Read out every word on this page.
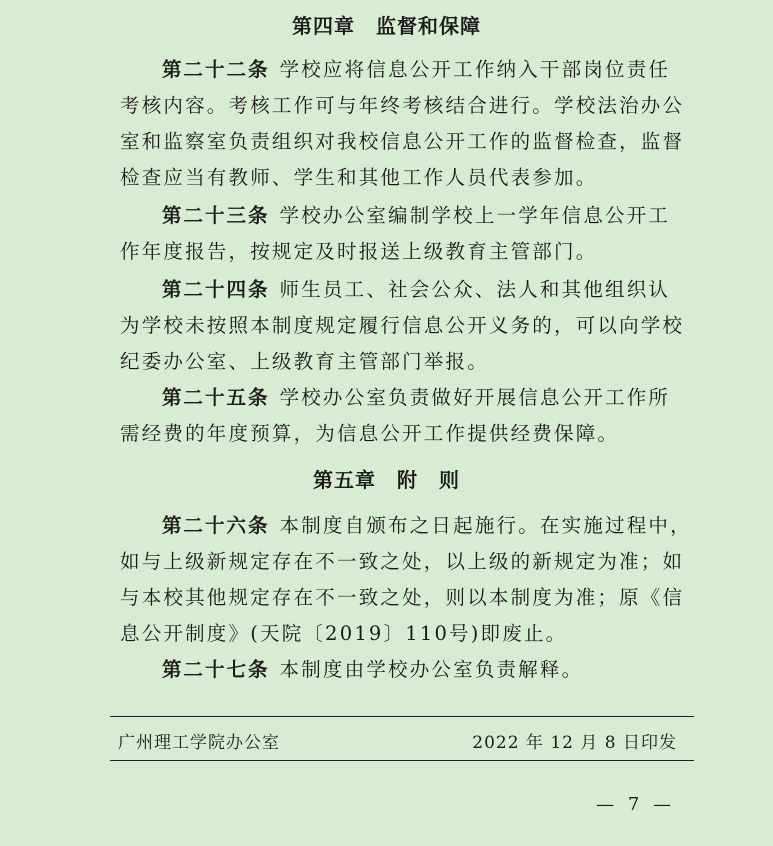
第四章　监督和保障
第二十二条 学校应将信息公开工作纳入干部岗位责任
考核内容。考核工作可与年终考核结合进行。学校法治办公
室和监察室负责组织对我校信息公开工作的监督检查，监督
检查应当有教师、学生和其他工作人员代表参加。
第二十三条 学校办公室编制学校上一学年信息公开工
作年度报告，按规定及时报送上级教育主管部门。
第二十四条 师生员工、社会公众、法人和其他组织认
为学校未按照本制度规定履行信息公开义务的，可以向学校
纪委办公室、上级教育主管部门举报。
第二十五条 学校办公室负责做好开展信息公开工作所
需经费的年度预算，为信息公开工作提供经费保障。
第五章　附　则
第二十六条 本制度自颁布之日起施行。在实施过程中，
如与上级新规定存在不一致之处，以上级的新规定为准；如
与本校其他规定存在不一致之处，则以本制度为准；原《信
息公开制度》(天院〔2019〕110号)即废止。
第二十七条 本制度由学校办公室负责解释。
广州理工学院办公室	2022 年 12 月 8 日印发
— 7 —
